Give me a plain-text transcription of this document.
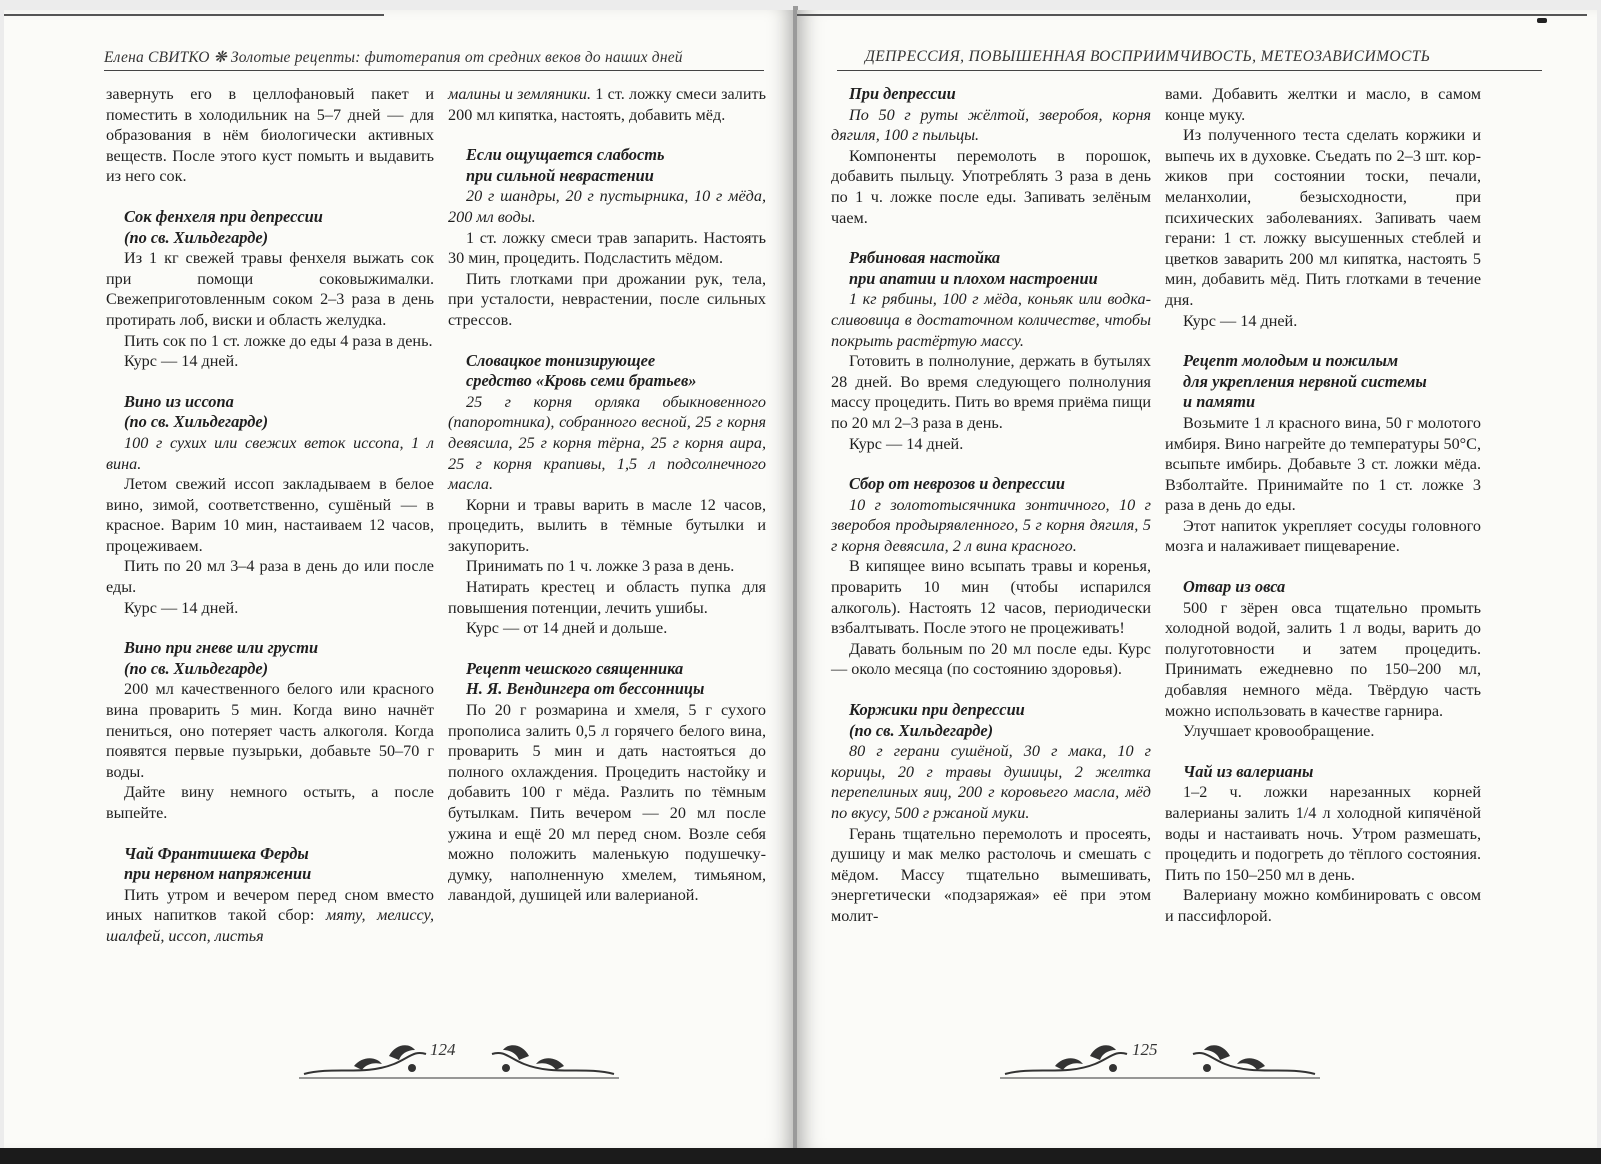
Елена СВИТКО ❋ Золотые рецепты: фитотерапия от средних веков до наших дней

завернуть его в целлофановый пакет и поместить в холодильник на 5–7 дней — для образования в нём биологически активных веществ. После этого куст помыть и выдавить из него сок.

Сок фенхеля при депрессии
(по св. Хильдегарде)

Из 1 кг свежей травы фенхеля выжать сок при помощи соковыжималки. Свежеприготовленным соком 2–3 раза в день протирать лоб, виски и область желудка.

Пить сок по 1 ст. ложке до еды 4 раза в день.

Курс — 14 дней.

Вино из иссопа
(по св. Хильдегарде)

100 г сухих или свежих веток иссопа, 1 л вина.

Летом свежий иссоп закладываем в белое вино, зимой, соответственно, сушёный — в красное. Варим 10 мин, настаиваем 12 часов, процеживаем.

Пить по 20 мл 3–4 раза в день до или после еды.

Курс — 14 дней.

Вино при гневе или грусти
(по св. Хильдегарде)

200 мл качественного белого или красного вина проварить 5 мин. Когда вино начнёт пениться, оно потеряет часть алкоголя. Когда появятся первые пузырьки, добавьте 50–70 г воды.

Дайте вину немного остыть, а после выпейте.

Чай Франтишека Ферды
при нервном напряжении

Пить утром и вечером перед сном вместо иных напитков такой сбор: мяту, мелиссу, шалфей, иссоп, листья

малины и земляники. 1 ст. ложку смеси залить 200 мл кипятка, настоять, добавить мёд.

Если ощущается слабость
при сильной неврастении

20 г шандры, 20 г пустырника, 10 г мёда, 200 мл воды.

1 ст. ложку смеси трав запарить. Настоять 30 мин, процедить. Подсластить мёдом.

Пить глотками при дрожании рук, тела, при усталости, неврастении, после сильных стрессов.

Словацкое тонизирующее
средство «Кровь семи братьев»

25 г корня орляка обыкновенного (папоротника), собранного весной, 25 г корня девясила, 25 г корня тёрна, 25 г корня аира, 25 г корня крапивы, 1,5 л подсолнечного масла.

Корни и травы варить в масле 12 часов, процедить, вылить в тёмные бутылки и закупорить.

Принимать по 1 ч. ложке 3 раза в день.

Натирать крестец и область пупка для повышения потенции, лечить ушибы.

Курс — от 14 дней и дольше.

Рецепт чешского священника
Н. Я. Вендингера от бессонницы

По 20 г розмарина и хмеля, 5 г сухого прополиса залить 0,5 л горячего белого вина, проварить 5 мин и дать настояться до полного охлаждения. Процедить настойку и добавить 100 г мёда. Разлить по тёмным бутылкам. Пить вечером — 20 мл после ужина и ещё 20 мл перед сном. Возле себя можно положить маленькую подушечку-думку, наполненную хмелем, тимьяном, лавандой, душицей или валерианой.

124
ДЕПРЕССИЯ, ПОВЫШЕННАЯ ВОСПРИИМЧИВОСТЬ, МЕТЕОЗАВИСИМОСТЬ
При депрессии

По 50 г руты жёлтой, зверобоя, корня дягиля, 100 г пыльцы.

Компоненты перемолоть в порошок, добавить пыльцу. Употреблять 3 раза в день по 1 ч. ложке после еды. Запивать зелёным чаем.

Рябиновая настойка
при апатии и плохом настроении

1 кг рябины, 100 г мёда, коньяк или водка-сливовица в достаточном количестве, чтобы покрыть растёртую массу.

Готовить в полнолуние, держать в бутылях 28 дней. Во время следующего полнолуния массу процедить. Пить во время приёма пищи по 20 мл 2–3 раза в день.

Курс — 14 дней.

Сбор от неврозов и депрессии

10 г золототысячника зонтичного, 10 г зверобоя продырявленного, 5 г корня дягиля, 5 г корня девясила, 2 л вина красного.

В кипящее вино всыпать травы и коренья, проварить 10 мин (чтобы испарился алкоголь). Настоять 12 часов, периодически взбалтывать. После этого не процеживать!

Давать больным по 20 мл после еды. Курс — около месяца (по состоянию здоровья).

Коржики при депрессии
(по св. Хильдегарде)

80 г герани сушёной, 30 г мака, 10 г корицы, 20 г травы душицы, 2 желтка перепелиных яиц, 200 г коровьего масла, мёд по вкусу, 500 г ржаной муки.

Герань тщательно перемолоть и просеять, душицу и мак мелко растолочь и смешать с мёдом. Массу тщательно вымешивать, энергетически «подзаряжая» её при этом молит-

вами. Добавить желтки и масло, в самом конце муку.

Из полученного теста сделать коржики и выпечь их в духовке. Съедать по 2–3 шт. кор-жиков при состоянии тоски, печали, меланхолии, безысходности, при психических заболеваниях. Запивать чаем герани: 1 ст. ложку высушенных стеблей и цветков заварить 200 мл кипятка, настоять 5 мин, добавить мёд. Пить глотками в течение дня.

Курс — 14 дней.

Рецепт молодым и пожилым
для укрепления нервной системы
и памяти

Возьмите 1 л красного вина, 50 г молотого имбиря. Вино нагрейте до температуры 50°С, всыпьте имбирь. Добавьте 3 ст. ложки мёда. Взболтайте. Принимайте по 1 ст. ложке 3 раза в день до еды.

Этот напиток укрепляет сосуды головного мозга и налаживает пищеварение.

Отвар из овса

500 г зёрен овса тщательно промыть холодной водой, залить 1 л воды, варить до полуготовности и затем процедить. Принимать ежедневно по 150–200 мл, добавляя немного мёда. Твёрдую часть можно использовать в качестве гарнира.

Улучшает кровообращение.

Чай из валерианы

1–2 ч. ложки нарезанных корней валерианы залить 1/4 л холодной кипячёной воды и настаивать ночь. Утром размешать, процедить и подогреть до тёплого состояния. Пить по 150–250 мл в день.

Валериану можно комбинировать с овсом и пассифлорой.

125
